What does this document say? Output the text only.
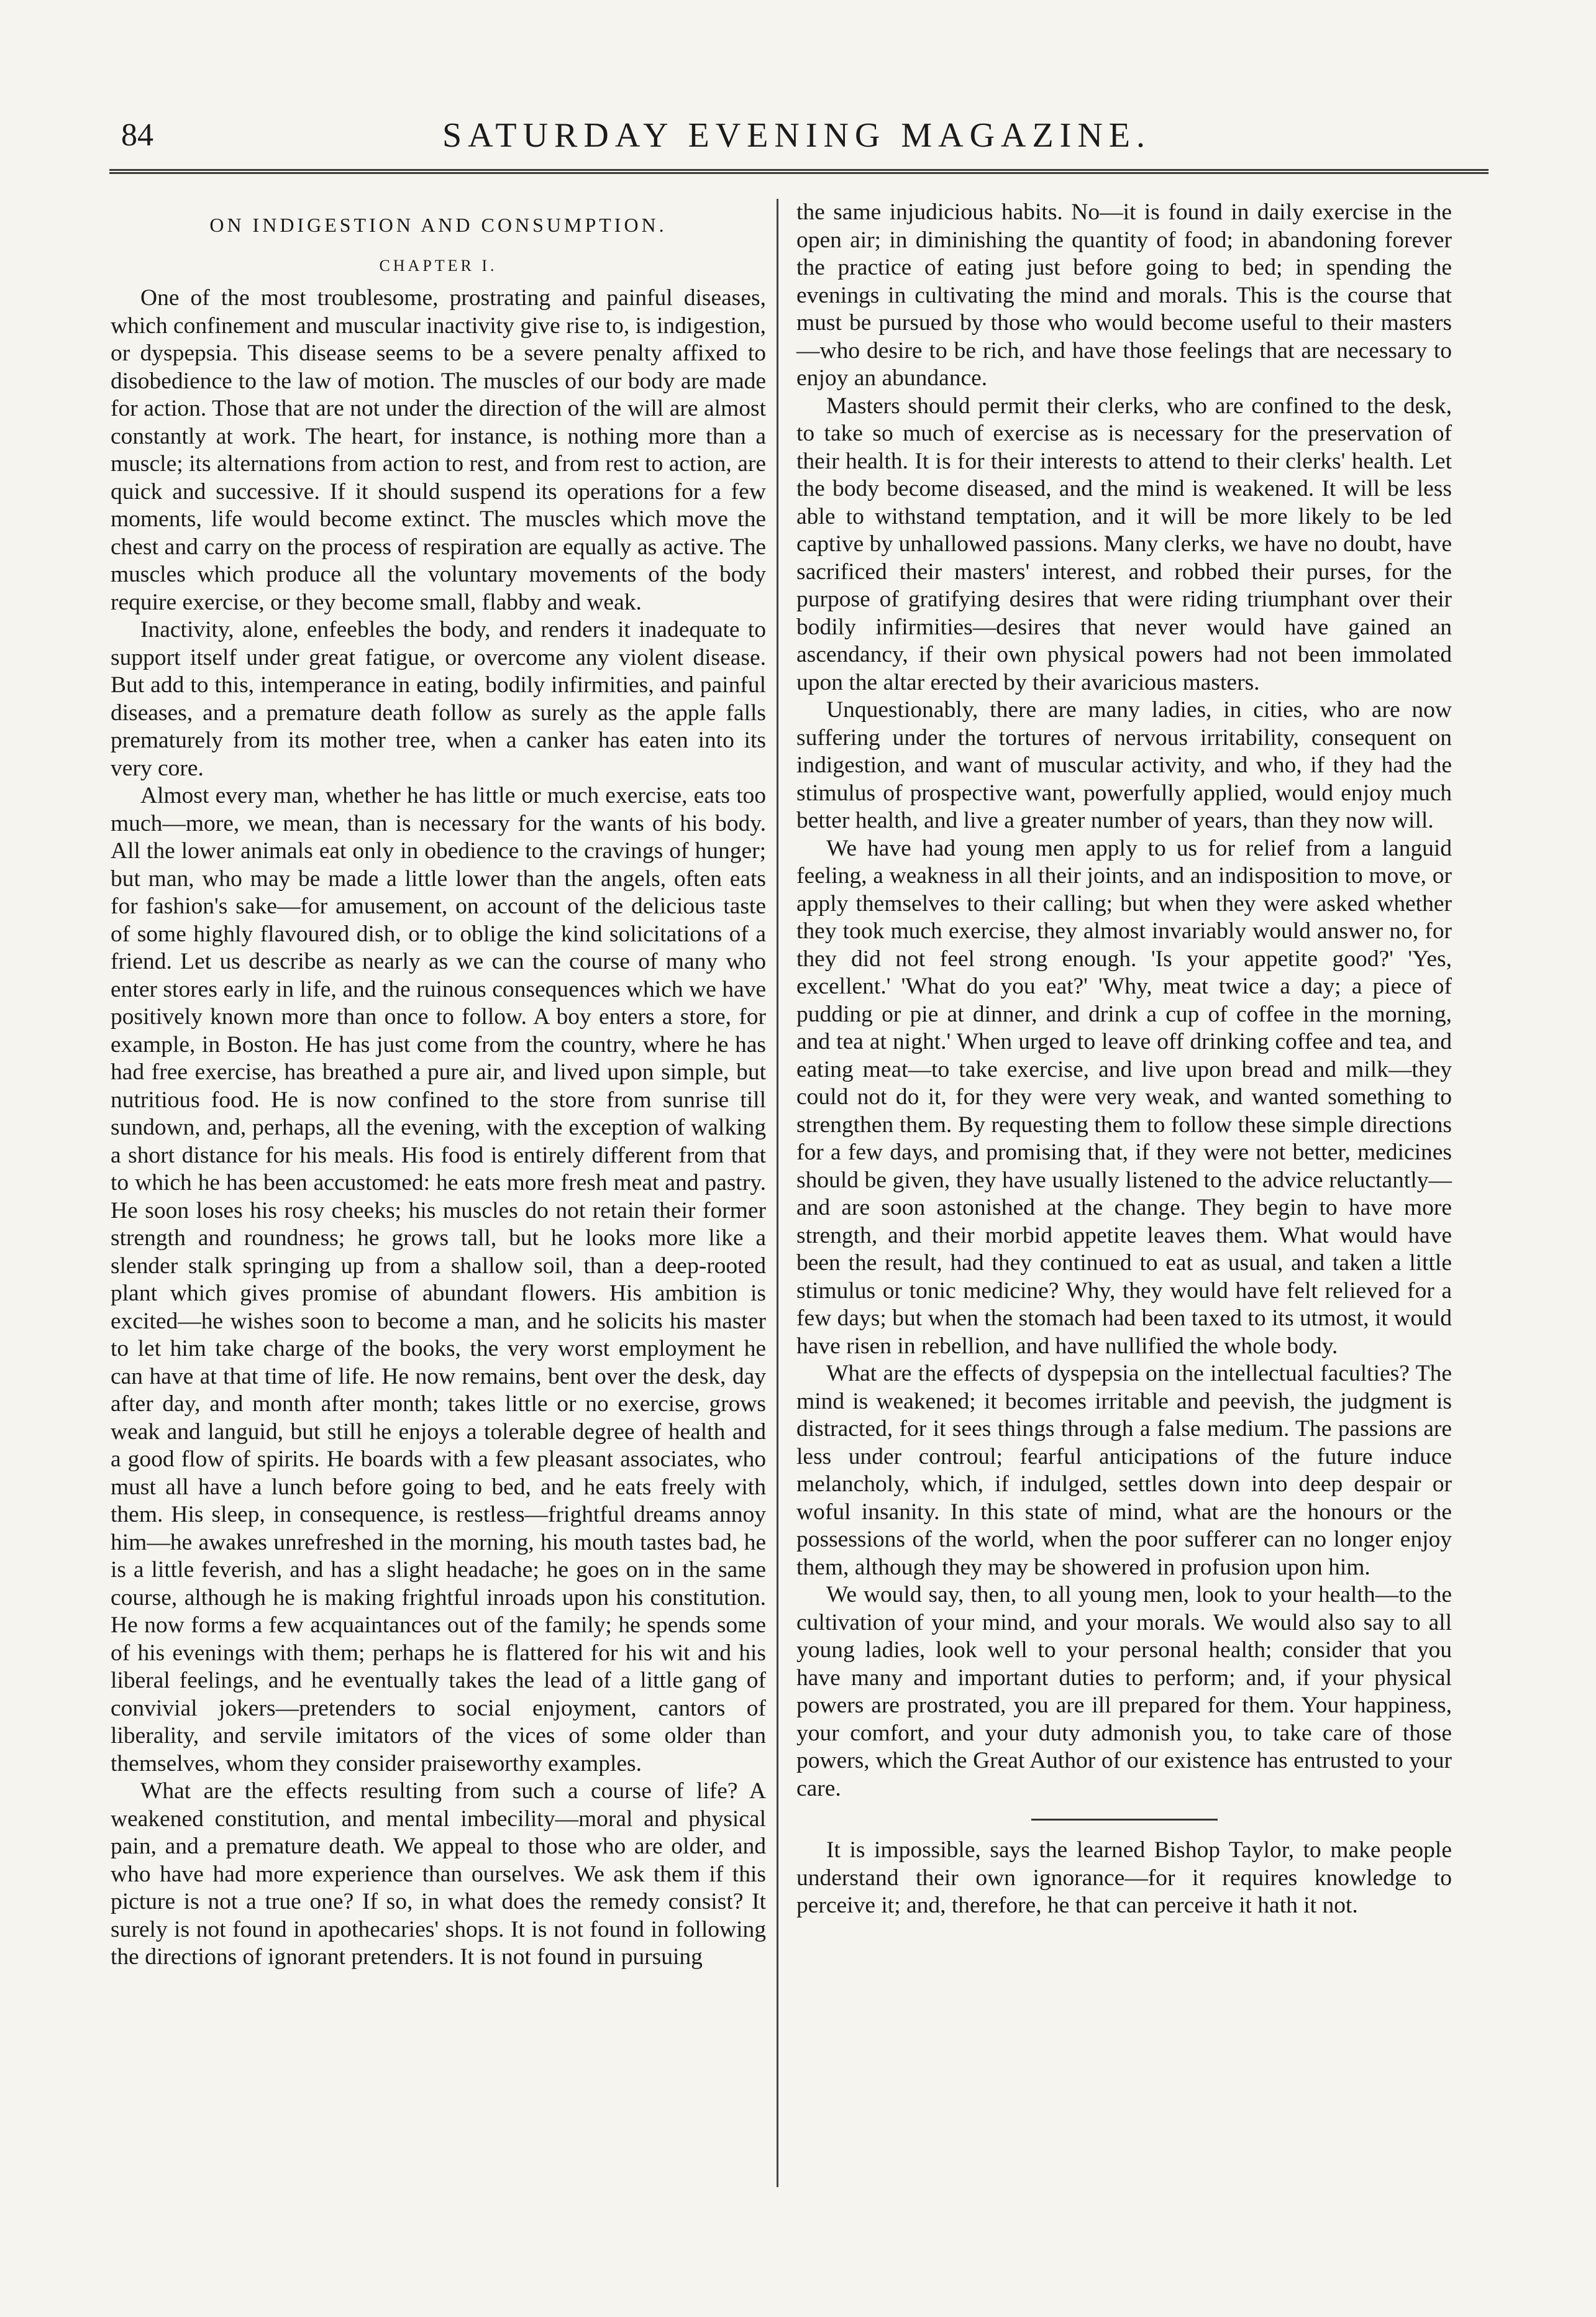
84	SATURDAY EVENING MAGAZINE.
ON INDIGESTION AND CONSUMPTION.
CHAPTER I.

One of the most troublesome, prostrating and painful diseases, which confinement and muscular inactivity give rise to, is indigestion, or dyspepsia. This disease seems to be a severe penalty affixed to disobedience to the law of motion. The muscles of our body are made for action. Those that are not under the direction of the will are almost constantly at work. The heart, for instance, is nothing more than a muscle; its alternations from action to rest, and from rest to action, are quick and successive. If it should suspend its operations for a few moments, life would become extinct. The muscles which move the chest and carry on the process of respiration are equally as active. The muscles which produce all the voluntary movements of the body require exercise, or they become small, flabby and weak.

Inactivity, alone, enfeebles the body, and renders it inadequate to support itself under great fatigue, or overcome any violent disease. But add to this, intemperance in eating, bodily infirmities, and painful diseases, and a premature death follow as surely as the apple falls prematurely from its mother tree, when a canker has eaten into its very core.

Almost every man, whether he has little or much exercise, eats too much—more, we mean, than is necessary for the wants of his body. All the lower animals eat only in obedience to the cravings of hunger; but man, who may be made a little lower than the angels, often eats for fashion's sake—for amusement, on account of the delicious taste of some highly flavoured dish, or to oblige the kind solicitations of a friend. Let us describe as nearly as we can the course of many who enter stores early in life, and the ruinous consequences which we have positively known more than once to follow. A boy enters a store, for example, in Boston. He has just come from the country, where he has had free exercise, has breathed a pure air, and lived upon simple, but nutritious food. He is now confined to the store from sunrise till sundown, and, perhaps, all the evening, with the exception of walking a short distance for his meals. His food is entirely different from that to which he has been accustomed: he eats more fresh meat and pastry. He soon loses his rosy cheeks; his muscles do not retain their former strength and roundness; he grows tall, but he looks more like a slender stalk springing up from a shallow soil, than a deep-rooted plant which gives promise of abundant flowers. His ambition is excited—he wishes soon to become a man, and he solicits his master to let him take charge of the books, the very worst employment he can have at that time of life. He now remains, bent over the desk, day after day, and month after month; takes little or no exercise, grows weak and languid, but still he enjoys a tolerable degree of health and a good flow of spirits. He boards with a few pleasant associates, who must all have a lunch before going to bed, and he eats freely with them. His sleep, in consequence, is restless—frightful dreams annoy him—he awakes unrefreshed in the morning, his mouth tastes bad, he is a little feverish, and has a slight headache; he goes on in the same course, although he is making frightful inroads upon his constitution. He now forms a few acquaintances out of the family; he spends some of his evenings with them; perhaps he is flattered for his wit and his liberal feelings, and he eventually takes the lead of a little gang of convivial jokers—pretenders to social enjoyment, cantors of liberality, and servile imitators of the vices of some older than themselves, whom they consider praiseworthy examples.

What are the effects resulting from such a course of life? A weakened constitution, and mental imbecility—moral and physical pain, and a premature death. We appeal to those who are older, and who have had more experience than ourselves. We ask them if this picture is not a true one? If so, in what does the remedy consist? It surely is not found in apothecaries' shops. It is not found in following the directions of ignorant pretenders. It is not found in pursuing

the same injudicious habits. No—it is found in daily exercise in the open air; in diminishing the quantity of food; in abandoning forever the practice of eating just before going to bed; in spending the evenings in cultivating the mind and morals. This is the course that must be pursued by those who would become useful to their masters—who desire to be rich, and have those feelings that are necessary to enjoy an abundance.

Masters should permit their clerks, who are confined to the desk, to take so much of exercise as is necessary for the preservation of their health. It is for their interests to attend to their clerks' health. Let the body become diseased, and the mind is weakened. It will be less able to withstand temptation, and it will be more likely to be led captive by unhallowed passions. Many clerks, we have no doubt, have sacrificed their masters' interest, and robbed their purses, for the purpose of gratifying desires that were riding triumphant over their bodily infirmities—desires that never would have gained an ascendancy, if their own physical powers had not been immolated upon the altar erected by their avaricious masters.

Unquestionably, there are many ladies, in cities, who are now suffering under the tortures of nervous irritability, consequent on indigestion, and want of muscular activity, and who, if they had the stimulus of prospective want, powerfully applied, would enjoy much better health, and live a greater number of years, than they now will.

We have had young men apply to us for relief from a languid feeling, a weakness in all their joints, and an indisposition to move, or apply themselves to their calling; but when they were asked whether they took much exercise, they almost invariably would answer no, for they did not feel strong enough. 'Is your appetite good?' 'Yes, excellent.' 'What do you eat?' 'Why, meat twice a day; a piece of pudding or pie at dinner, and drink a cup of coffee in the morning, and tea at night.' When urged to leave off drinking coffee and tea, and eating meat—to take exercise, and live upon bread and milk—they could not do it, for they were very weak, and wanted something to strengthen them. By requesting them to follow these simple directions for a few days, and promising that, if they were not better, medicines should be given, they have usually listened to the advice reluctantly—and are soon astonished at the change. They begin to have more strength, and their morbid appetite leaves them. What would have been the result, had they continued to eat as usual, and taken a little stimulus or tonic medicine? Why, they would have felt relieved for a few days; but when the stomach had been taxed to its utmost, it would have risen in rebellion, and have nullified the whole body.

What are the effects of dyspepsia on the intellectual faculties? The mind is weakened; it becomes irritable and peevish, the judgment is distracted, for it sees things through a false medium. The passions are less under controul; fearful anticipations of the future induce melancholy, which, if indulged, settles down into deep despair or woful insanity. In this state of mind, what are the honours or the possessions of the world, when the poor sufferer can no longer enjoy them, although they may be showered in profusion upon him.

We would say, then, to all young men, look to your health—to the cultivation of your mind, and your morals. We would also say to all young ladies, look well to your personal health; consider that you have many and important duties to perform; and, if your physical powers are prostrated, you are ill prepared for them. Your happiness, your comfort, and your duty admonish you, to take care of those powers, which the Great Author of our existence has entrusted to your care.

It is impossible, says the learned Bishop Taylor, to make people understand their own ignorance—for it requires knowledge to perceive it; and, therefore, he that can perceive it hath it not.
